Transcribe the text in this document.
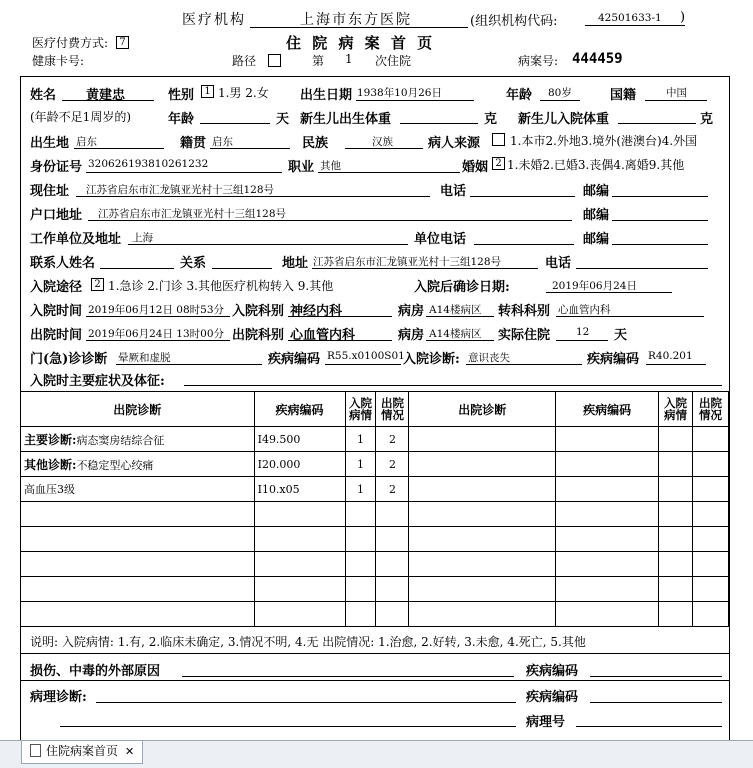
医疗机构	上海市东方医院	(组织机构代码:	42501633-1 )
医疗付费方式:	7	住 院 病 案 首 页
健康卡号:	路径	第 1 次住院	病案号: 444459
姓名 黄建忠	性别	1 1.男 2.女 出生日期 1938年10月26日	年龄 80岁	国籍	中国
(年龄不足1周岁的)	年龄	天 新生儿出生体重	克 新生儿入院体重	克
出生地 启东	籍贯 启东	民族	汉族	病人来源 1.本市2.外地3.境外(港澳台)4.外国
身份证号 320626193810261232	职业 其他	婚姻 2 1.未婚2.已婚3.丧偶4.离婚9.其他
现住址 江苏省启东市汇龙镇亚光村十三组128号	电话	邮编
户口地址 江苏省启东市汇龙镇亚光村十三组128号	邮编
工作单位及地址 上海	单位电话	邮编
联系人姓名	关系	地址 江苏省启东市汇龙镇亚光村十三组128号	电话
入院途径	2 1.急诊 2.门诊 3.其他医疗机构转入 9.其他	入院后确诊日期:	2019年06月24日
入院时间 2019年06月12日 08时53分 入院科别 神经内科	病房 A14楼病区 转科科别 心血管内科
出院时间 2019年06月24日 13时00分 出院科别 心血管内科	病房 A14楼病区 实际住院 12 天
门(急)诊诊断 晕厥和虚脱	疾病编码 R55.x0100S01
入院诊断: 意识丧失	疾病编码 R40.201
入院时主要症状及体征:
出院诊断	疾病编码	入院病情	出院情况	出院诊断	疾病编码	入院病情	出院情况
主要诊断:病态窦房结综合征	I49.500	1	2				
其他诊断:不稳定型心绞痛	I20.000	1	2				
高血压3级	I10.x05	1	2				

说明: 入院病情: 1.有, 2.临床未确定, 3.情况不明, 4.无 出院情况: 1.治愈, 2.好转, 3.未愈, 4.死亡, 5.其他
损伤、中毒的外部原因	疾病编码
病理诊断:	疾病编码
病理号
住院病案首页 ✕
